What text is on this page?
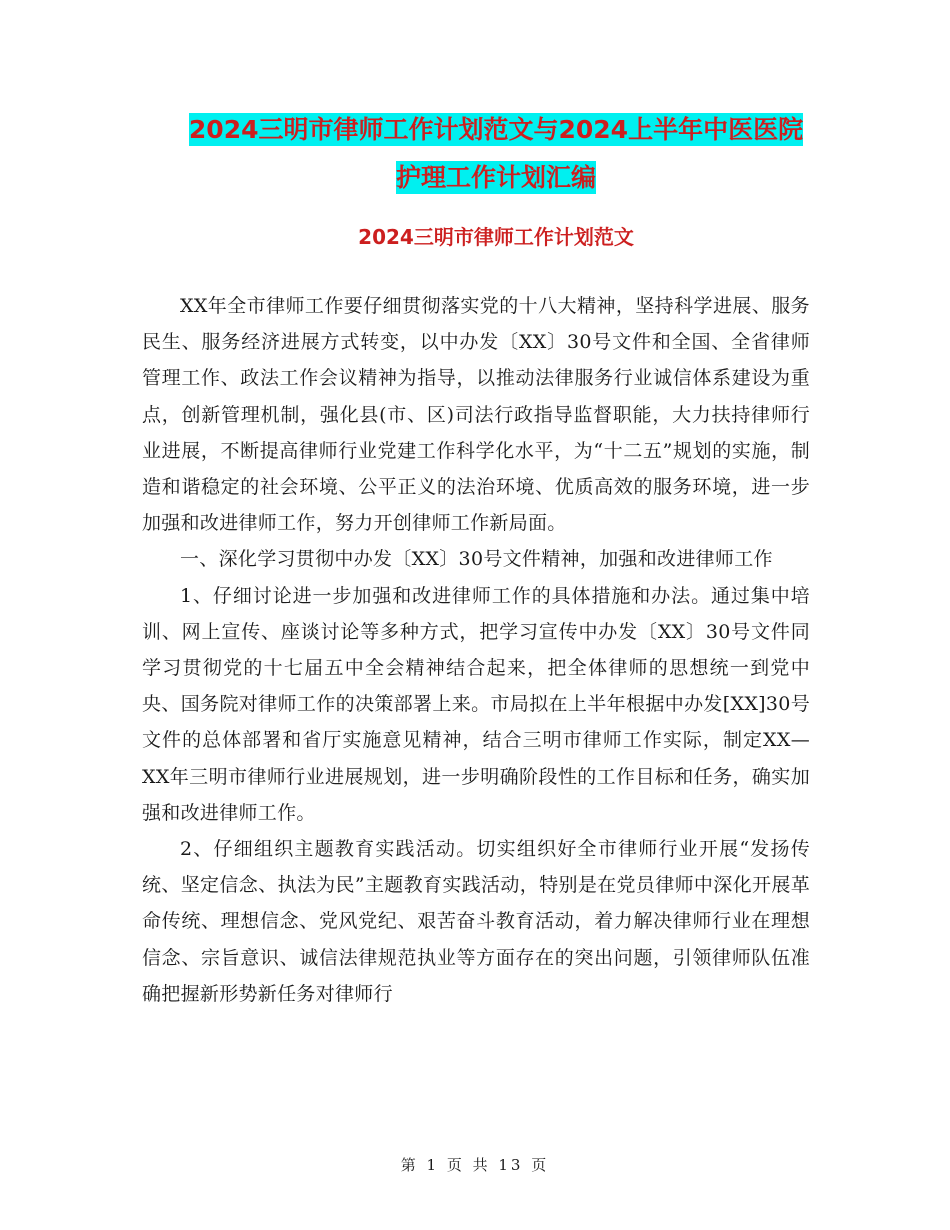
2024三明市律师工作计划范文与2024上半年中医医院
护理工作计划汇编
2024三明市律师工作计划范文

XX年全市律师工作要仔细贯彻落实党的十八大精神，坚持科学进展、服务民生、服务经济进展方式转变，以中办发〔XX〕30号文件和全国、全省律师管理工作、政法工作会议精神为指导，以推动法律服务行业诚信体系建设为重点，创新管理机制，强化县(市、区)司法行政指导监督职能，大力扶持律师行业进展，不断提高律师行业党建工作科学化水平，为“十二五”规划的实施，制造和谐稳定的社会环境、公平正义的法治环境、优质高效的服务环境，进一步加强和改进律师工作，努力开创律师工作新局面。

一、深化学习贯彻中办发〔XX〕30号文件精神，加强和改进律师工作

1、仔细讨论进一步加强和改进律师工作的具体措施和办法。通过集中培训、网上宣传、座谈讨论等多种方式，把学习宣传中办发〔XX〕30号文件同学习贯彻党的十七届五中全会精神结合起来，把全体律师的思想统一到党中央、国务院对律师工作的决策部署上来。市局拟在上半年根据中办发[XX]30号文件的总体部署和省厅实施意见精神，结合三明市律师工作实际，制定XX—XX年三明市律师行业进展规划，进一步明确阶段性的工作目标和任务，确实加强和改进律师工作。

2、仔细组织主题教育实践活动。切实组织好全市律师行业开展“发扬传统、坚定信念、执法为民”主题教育实践活动，特别是在党员律师中深化开展革命传统、理想信念、党风党纪、艰苦奋斗教育活动，着力解决律师行业在理想信念、宗旨意识、诚信法律规范执业等方面存在的突出问题，引领律师队伍准确把握新形势新任务对律师行

第 1 页 共 13 页
